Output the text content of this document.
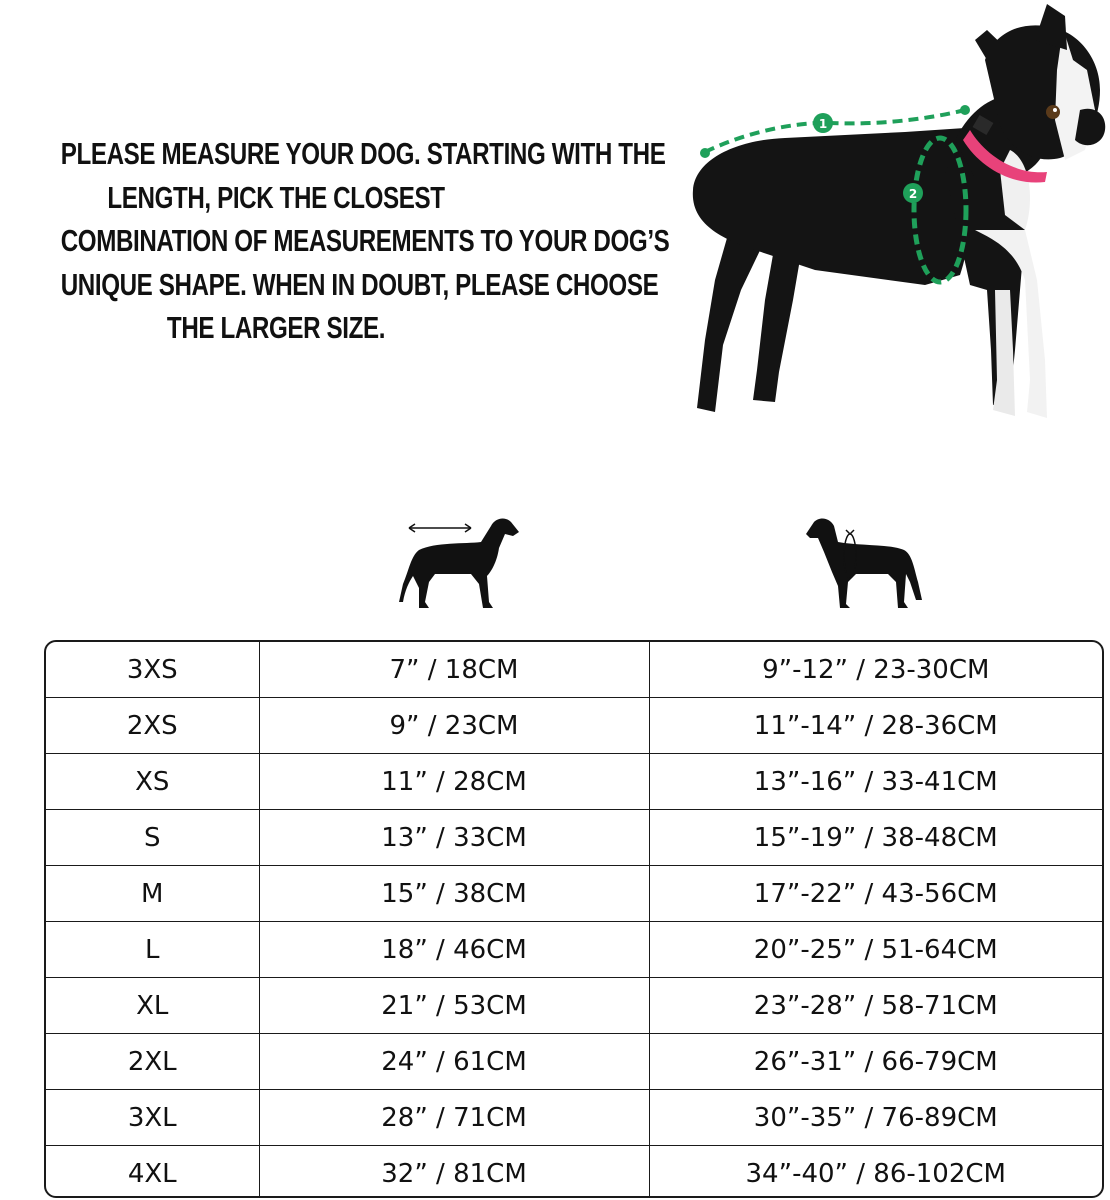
PLEASE MEASURE YOUR DOG. STARTING WITH THE
LENGTH, PICK THE CLOSEST
COMBINATION OF MEASUREMENTS TO YOUR DOG’S
UNIQUE SHAPE. WHEN IN DOUBT, PLEASE CHOOSE
THE LARGER SIZE.
1
2
3XS	7” / 18CM	9”-12” / 23-30CM
2XS	9” / 23CM	11”-14” / 28-36CM
XS	11” / 28CM	13”-16” / 33-41CM
S	13” / 33CM	15”-19” / 38-48CM
M	15” / 38CM	17”-22” / 43-56CM
L	18” / 46CM	20”-25” / 51-64CM
XL	21” / 53CM	23”-28” / 58-71CM
2XL	24” / 61CM	26”-31” / 66-79CM
3XL	28” / 71CM	30”-35” / 76-89CM
4XL	32” / 81CM	34”-40” / 86-102CM
